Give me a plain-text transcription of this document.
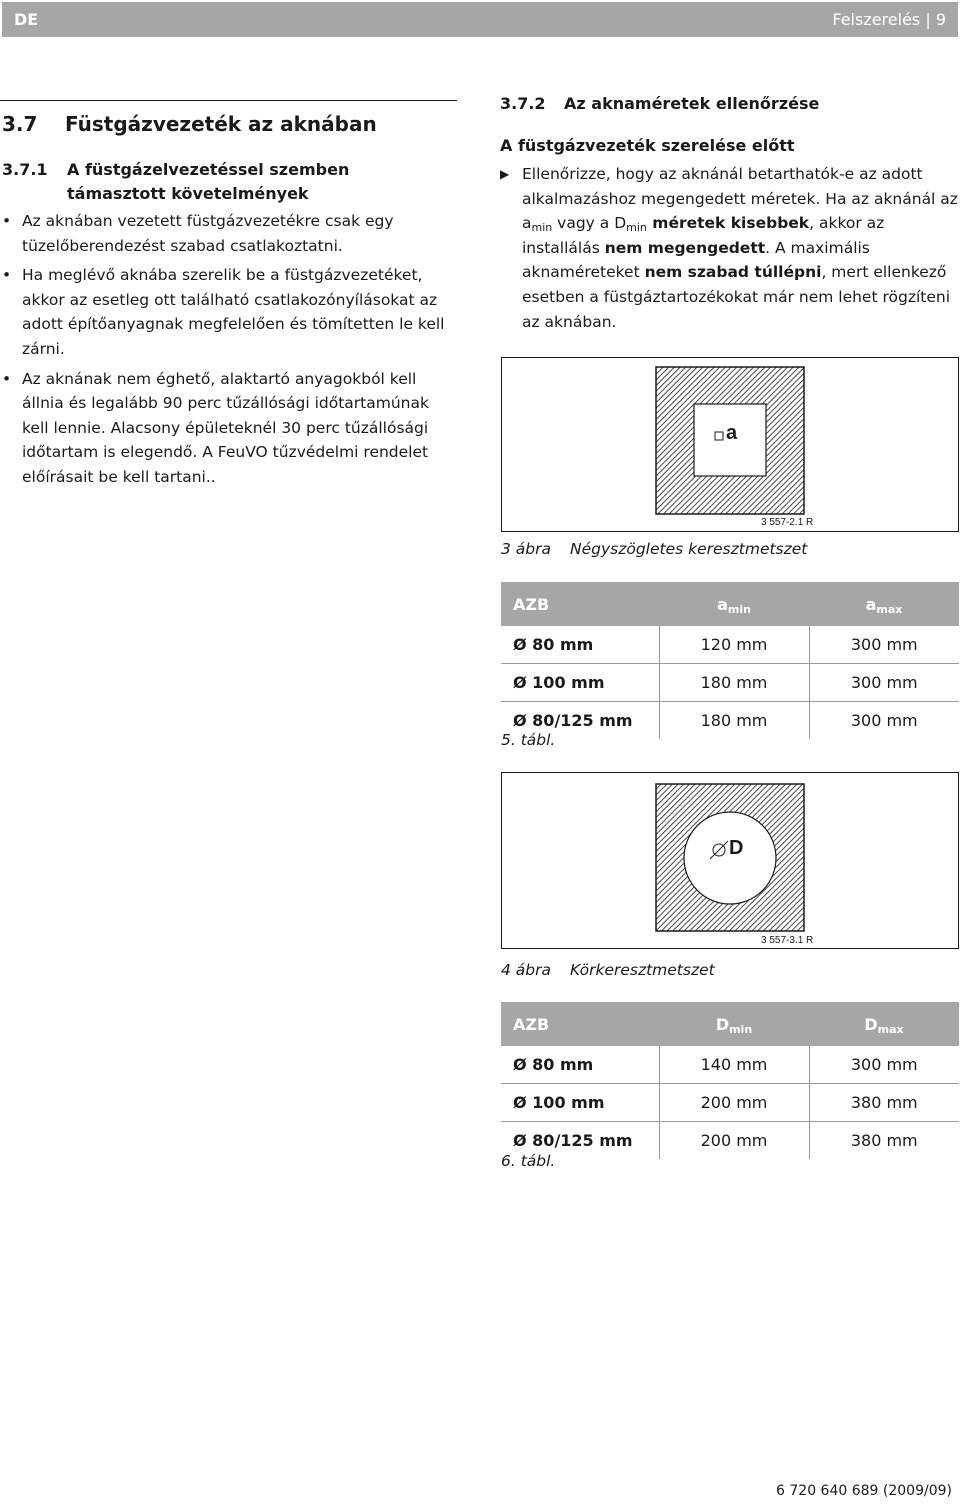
DE	Felszerelés | 9
3.7 Füstgázvezeték az aknában
3.7.1 A füstgázelvezetéssel szemben
támasztott követelmények
• Az aknában vezetett füstgázvezetékre csak egy tüzelőberendezést szabad csatlakoztatni.
• Ha meglévő aknába szerelik be a füstgázvezetéket, akkor az esetleg ott található csatlakozónyílásokat az adott építőanyagnak megfelelően és tömítetten le kell zárni.
• Az aknának nem éghető, alaktartó anyagokból kell állnia és legalább 90 perc tűzállósági időtartamúnak kell lennie. Alacsony épületeknél 30 perc tűzállósági időtartam is elegendő. A FeuVO tűzvédelmi rendelet előírásait be kell tartani..
3.7.2 Az aknaméretek ellenőrzése
A füstgázvezeték szerelése előtt
▶ Ellenőrizze, hogy az aknánál betarthatók-e az adott alkalmazáshoz megengedett méretek. Ha az aknánál az $a_{min}$ vagy a $D_{min}$ méretek kisebbek, akkor az installálás nem megengedett. A maximális aknaméreteket nem szabad túllépni, mert ellenkező esetben a füstgáztartozékokat már nem lehet rögzíteni az aknában.
a
3 557-2.1 R
3 ábra Négyszögletes keresztmetszet
AZB	$a_{min}$	$a_{max}$
Ø 80 mm	120 mm	300 mm
Ø 100 mm	180 mm	300 mm
Ø 80/125 mm	180 mm	300 mm
5. tábl.
D
3 557-3.1 R
4 ábra Körkeresztmetszet
AZB	$D_{min}$	$D_{max}$
Ø 80 mm	140 mm	300 mm
Ø 100 mm	200 mm	380 mm
Ø 80/125 mm	200 mm	380 mm
6. tábl.
6 720 640 689 (2009/09)
